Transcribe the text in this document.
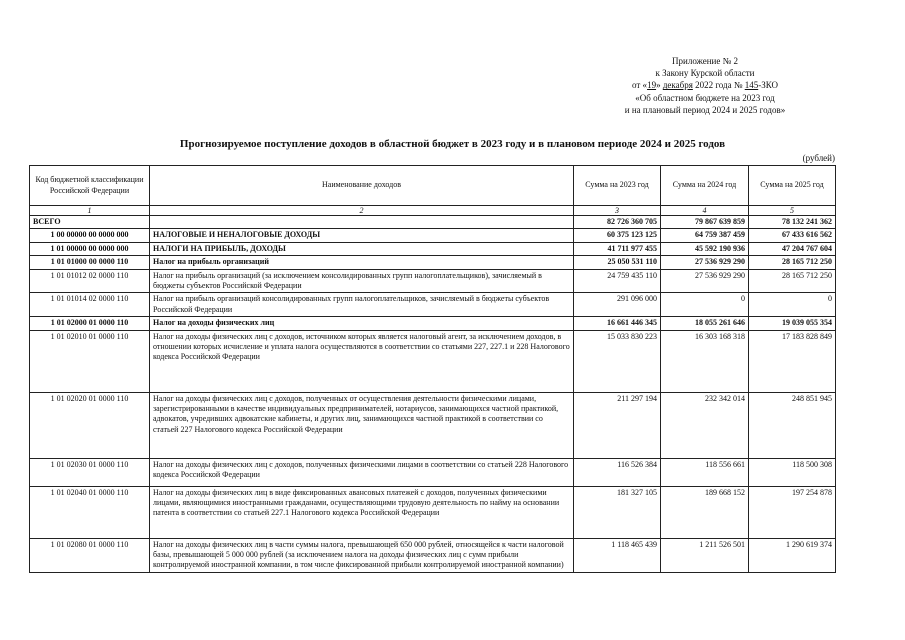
Приложение № 2
к Закону Курской области
от «19» декабря 2022 года № 145-ЗКО
«Об областном бюджете на 2023 год
и на плановый период 2024 и 2025 годов»
Прогнозируемое поступление доходов в областной бюджет в 2023 году и в плановом периоде 2024 и 2025 годов
(рублей)
Код бюджетной классификации Российской Федерации	Наименование доходов	Сумма на 2023 год	Сумма на 2024 год	Сумма на 2025 год
1	2	3	4	5
ВСЕГО		82 726 360 705	79 867 639 859	78 132 241 362
1 00 00000 00 0000 000	НАЛОГОВЫЕ И НЕНАЛОГОВЫЕ ДОХОДЫ	60 375 123 125	64 759 387 459	67 433 616 562
1 01 00000 00 0000 000	НАЛОГИ НА ПРИБЫЛЬ, ДОХОДЫ	41 711 977 455	45 592 190 936	47 204 767 604
1 01 01000 00 0000 110	Налог на прибыль организаций	25 050 531 110	27 536 929 290	28 165 712 250
1 01 01012 02 0000 110	Налог на прибыль организаций (за исключением консолидированных групп налогоплательщиков), зачисляемый в бюджеты субъектов Российской Федерации	24 759 435 110	27 536 929 290	28 165 712 250
1 01 01014 02 0000 110	Налог на прибыль организаций консолидированных групп налогоплательщиков, зачисляемый в бюджеты субъектов Российской Федерации	291 096 000	0	0
1 01 02000 01 0000 110	Налог на доходы физических лиц	16 661 446 345	18 055 261 646	19 039 055 354
1 01 02010 01 0000 110	Налог на доходы физических лиц с доходов, источником которых является налоговый агент, за исключением доходов, в отношении которых исчисление и уплата налога осуществляются в соответствии со статьями 227, 227.1 и 228 Налогового кодекса Российской Федерации	15 033 830 223	16 303 168 318	17 183 828 849
1 01 02020 01 0000 110	Налог на доходы физических лиц с доходов, полученных от осуществления деятельности физическими лицами, зарегистрированными в качестве индивидуальных предпринимателей, нотариусов, занимающихся частной практикой, адвокатов, учредивших адвокатские кабинеты, и других лиц, занимающихся частной практикой в соответствии со статьей 227 Налогового кодекса Российской Федерации	211 297 194	232 342 014	248 851 945
1 01 02030 01 0000 110	Налог на доходы физических лиц с доходов, полученных физическими лицами в соответствии со статьей 228 Налогового кодекса Российской Федерации	116 526 384	118 556 661	118 500 308
1 01 02040 01 0000 110	Налог на доходы физических лиц в виде фиксированных авансовых платежей с доходов, полученных физическими лицами, являющимися иностранными гражданами, осуществляющими трудовую деятельность по найму на основании патента в соответствии со статьей 227.1 Налогового кодекса Российской Федерации	181 327 105	189 668 152	197 254 878
1 01 02080 01 0000 110	Налог на доходы физических лиц в части суммы налога, превышающей 650 000 рублей, относящейся к части налоговой базы, превышающей 5 000 000 рублей (за исключением налога на доходы физических лиц с сумм прибыли контролируемой иностранной компании, в том числе фиксированной прибыли контролируемой иностранной компании)	1 118 465 439	1 211 526 501	1 290 619 374
